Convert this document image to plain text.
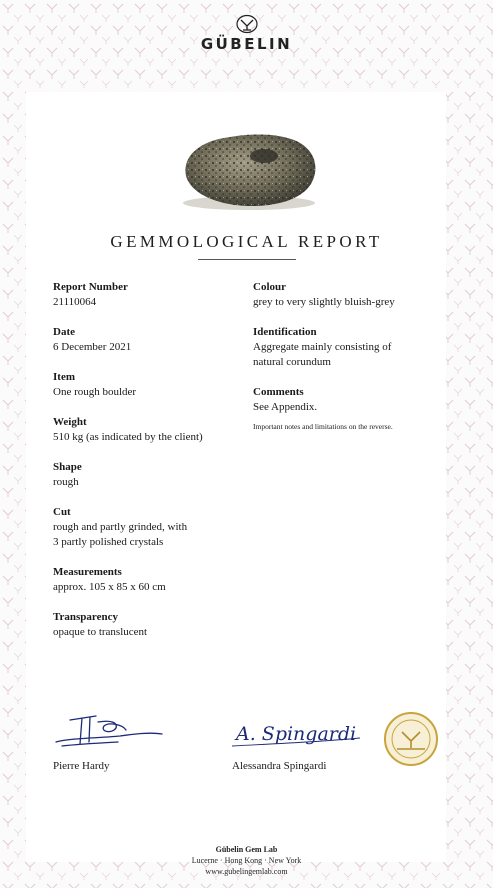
GÜBELIN
GEMMOLOGICAL REPORT
Report Number
21110064
Date
6 December 2021
Item
One rough boulder
Weight
510 kg (as indicated by the client)
Shape
rough
Cut
rough and partly grinded, with
3 partly polished crystals
Measurements
approx. 105 x 85 x 60 cm
Transparency
opaque to translucent
Colour
grey to very slightly bluish-grey
Identification
Aggregate mainly consisting of
natural corundum
Comments
See Appendix.
Important notes and limitations on the reverse.
A. Spingardi
Pierre Hardy	Alessandra Spingardi
Gübelin Gem Lab
Lucerne · Hong Kong · New York
www.gubelingemlab.com
